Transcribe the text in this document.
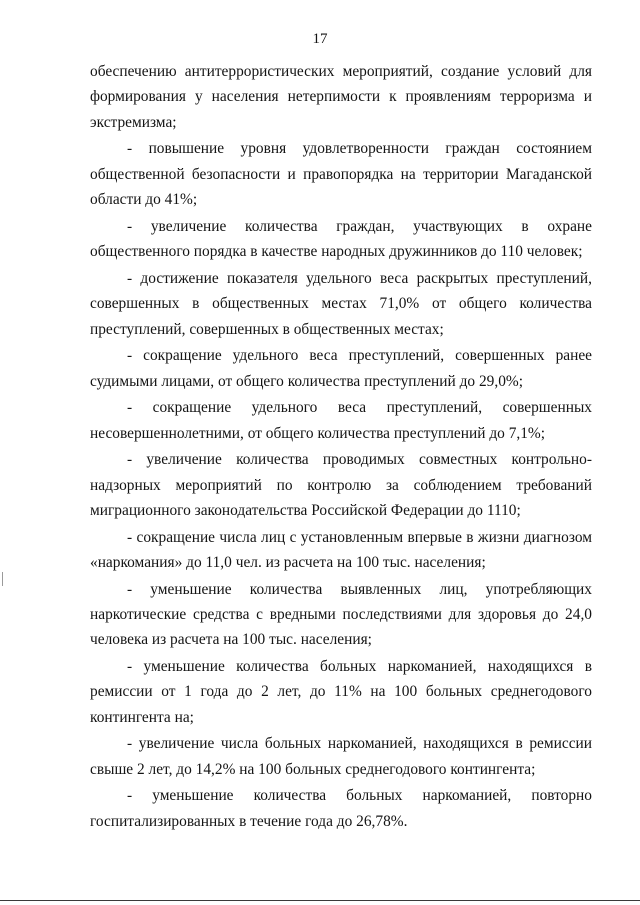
17

обеспечению антитеррористических мероприятий, создание условий для формирования у населения нетерпимости к проявлениям терроризма и экстремизма;

- повышение уровня удовлетворенности граждан состоянием общественной безопасности и правопорядка на территории Магаданской области до 41%;

- увеличение количества граждан, участвующих в охране общественного порядка в качестве народных дружинников до 110 человек;

- достижение показателя удельного веса раскрытых преступлений, совершенных в общественных местах 71,0% от общего количества преступлений, совершенных в общественных местах;

- сокращение удельного веса преступлений, совершенных ранее судимыми лицами, от общего количества преступлений до 29,0%;

- сокращение удельного веса преступлений, совершенных несовершеннолетними, от общего количества преступлений до 7,1%;

- увеличение количества проводимых совместных контрольно-надзорных мероприятий по контролю за соблюдением требований миграционного законодательства Российской Федерации до 1110;

- сокращение числа лиц с установленным впервые в жизни диагнозом «наркомания» до 11,0 чел. из расчета на 100 тыс. населения;

- уменьшение количества выявленных лиц, употребляющих наркотические средства с вредными последствиями для здоровья до 24,0 человека из расчета на 100 тыс. населения;

- уменьшение количества больных наркоманией, находящихся в ремиссии от 1 года до 2 лет, до 11% на 100 больных среднегодового контингента на;

- увеличение числа больных наркоманией, находящихся в ремиссии свыше 2 лет, до 14,2% на 100 больных среднегодового контингента;

- уменьшение количества больных наркоманией, повторно госпитализированных в течение года до 26,78%.
